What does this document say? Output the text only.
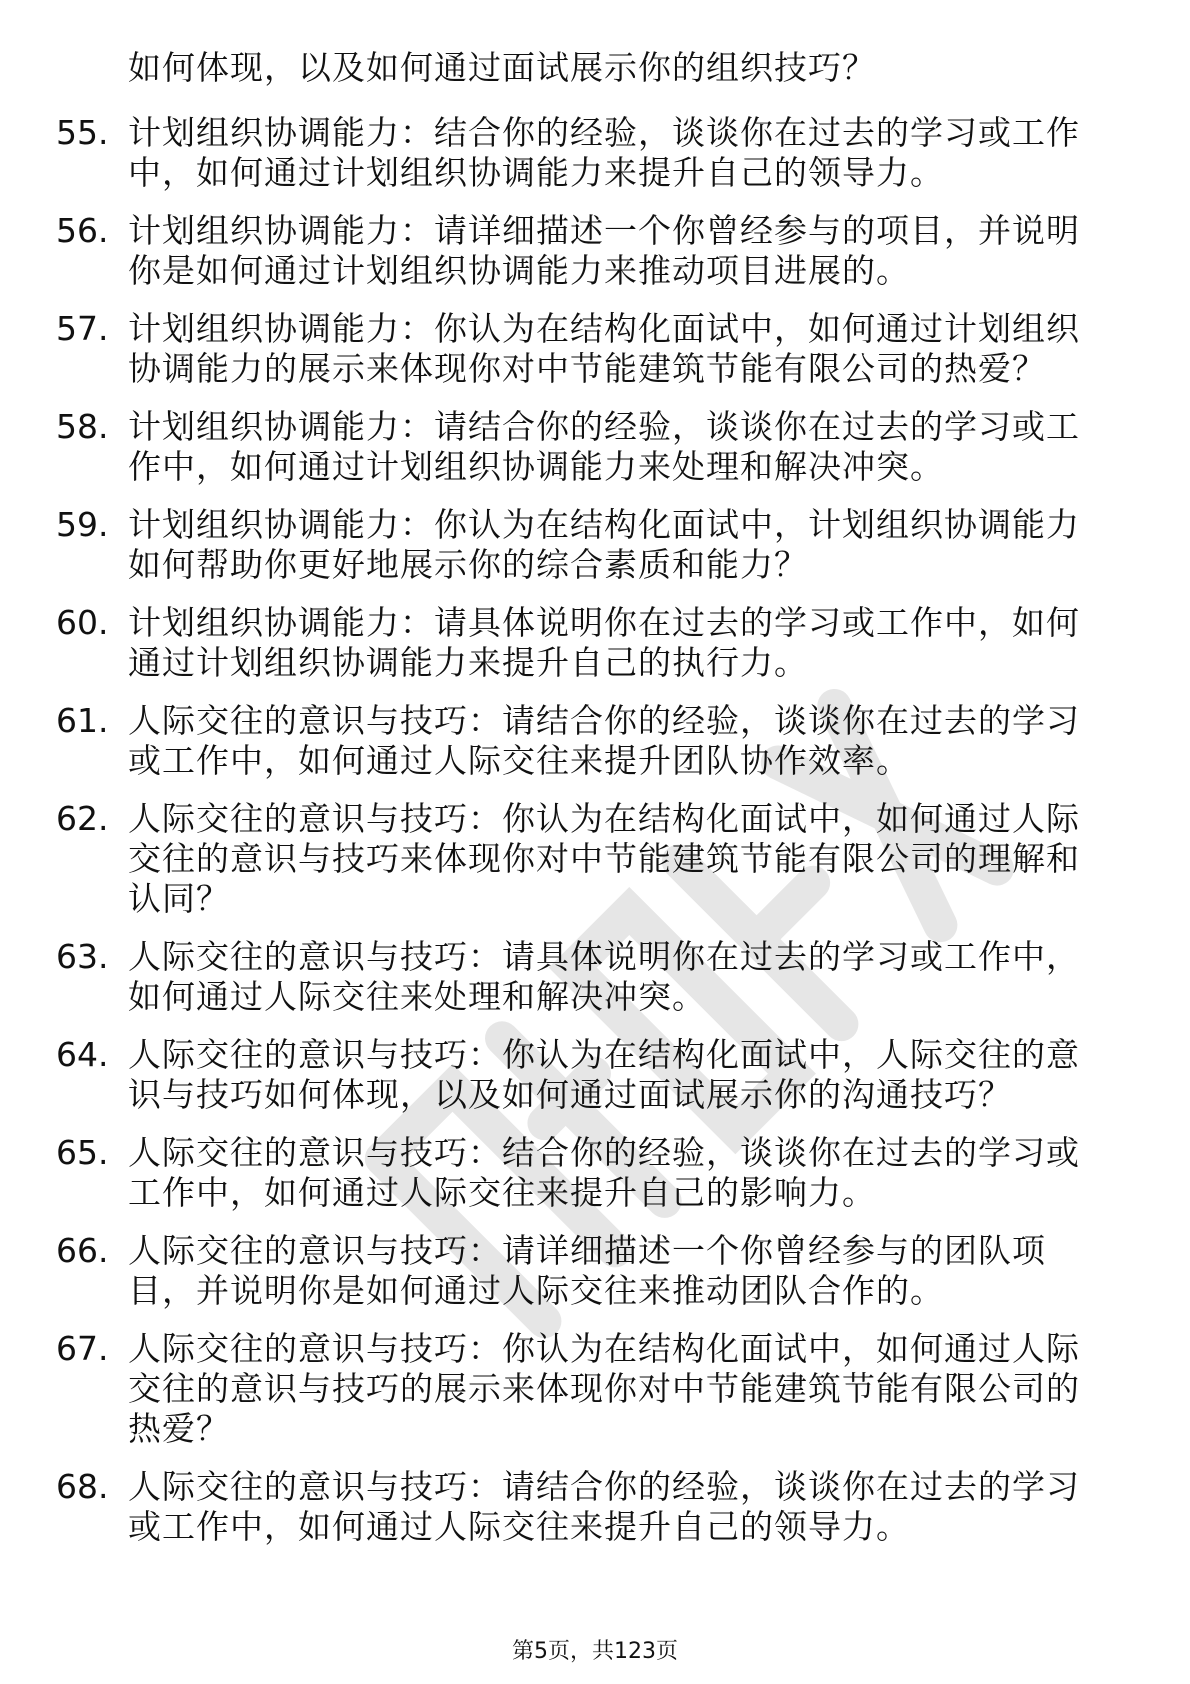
如何体现，以及如何通过面试展示你的组织技巧？
55. 计划组织协调能力：结合你的经验，谈谈你在过去的学习或工作
中，如何通过计划组织协调能力来提升自己的领导力。
56. 计划组织协调能力：请详细描述一个你曾经参与的项目，并说明
你是如何通过计划组织协调能力来推动项目进展的。
57. 计划组织协调能力：你认为在结构化面试中，如何通过计划组织
协调能力的展示来体现你对中节能建筑节能有限公司的热爱？
58. 计划组织协调能力：请结合你的经验，谈谈你在过去的学习或工
作中，如何通过计划组织协调能力来处理和解决冲突。
59. 计划组织协调能力：你认为在结构化面试中，计划组织协调能力
如何帮助你更好地展示你的综合素质和能力？
60. 计划组织协调能力：请具体说明你在过去的学习或工作中，如何
通过计划组织协调能力来提升自己的执行力。
61. 人际交往的意识与技巧：请结合你的经验，谈谈你在过去的学习
或工作中，如何通过人际交往来提升团队协作效率。
62. 人际交往的意识与技巧：你认为在结构化面试中，如何通过人际
交往的意识与技巧来体现你对中节能建筑节能有限公司的理解和
认同？
63. 人际交往的意识与技巧：请具体说明你在过去的学习或工作中，
如何通过人际交往来处理和解决冲突。
64. 人际交往的意识与技巧：你认为在结构化面试中，人际交往的意
识与技巧如何体现，以及如何通过面试展示你的沟通技巧？
65. 人际交往的意识与技巧：结合你的经验，谈谈你在过去的学习或
工作中，如何通过人际交往来提升自己的影响力。
66. 人际交往的意识与技巧：请详细描述一个你曾经参与的团队项
目，并说明你是如何通过人际交往来推动团队合作的。
67. 人际交往的意识与技巧：你认为在结构化面试中，如何通过人际
交往的意识与技巧的展示来体现你对中节能建筑节能有限公司的
热爱？
68. 人际交往的意识与技巧：请结合你的经验，谈谈你在过去的学习
或工作中，如何通过人际交往来提升自己的领导力。
第5页，共123页
